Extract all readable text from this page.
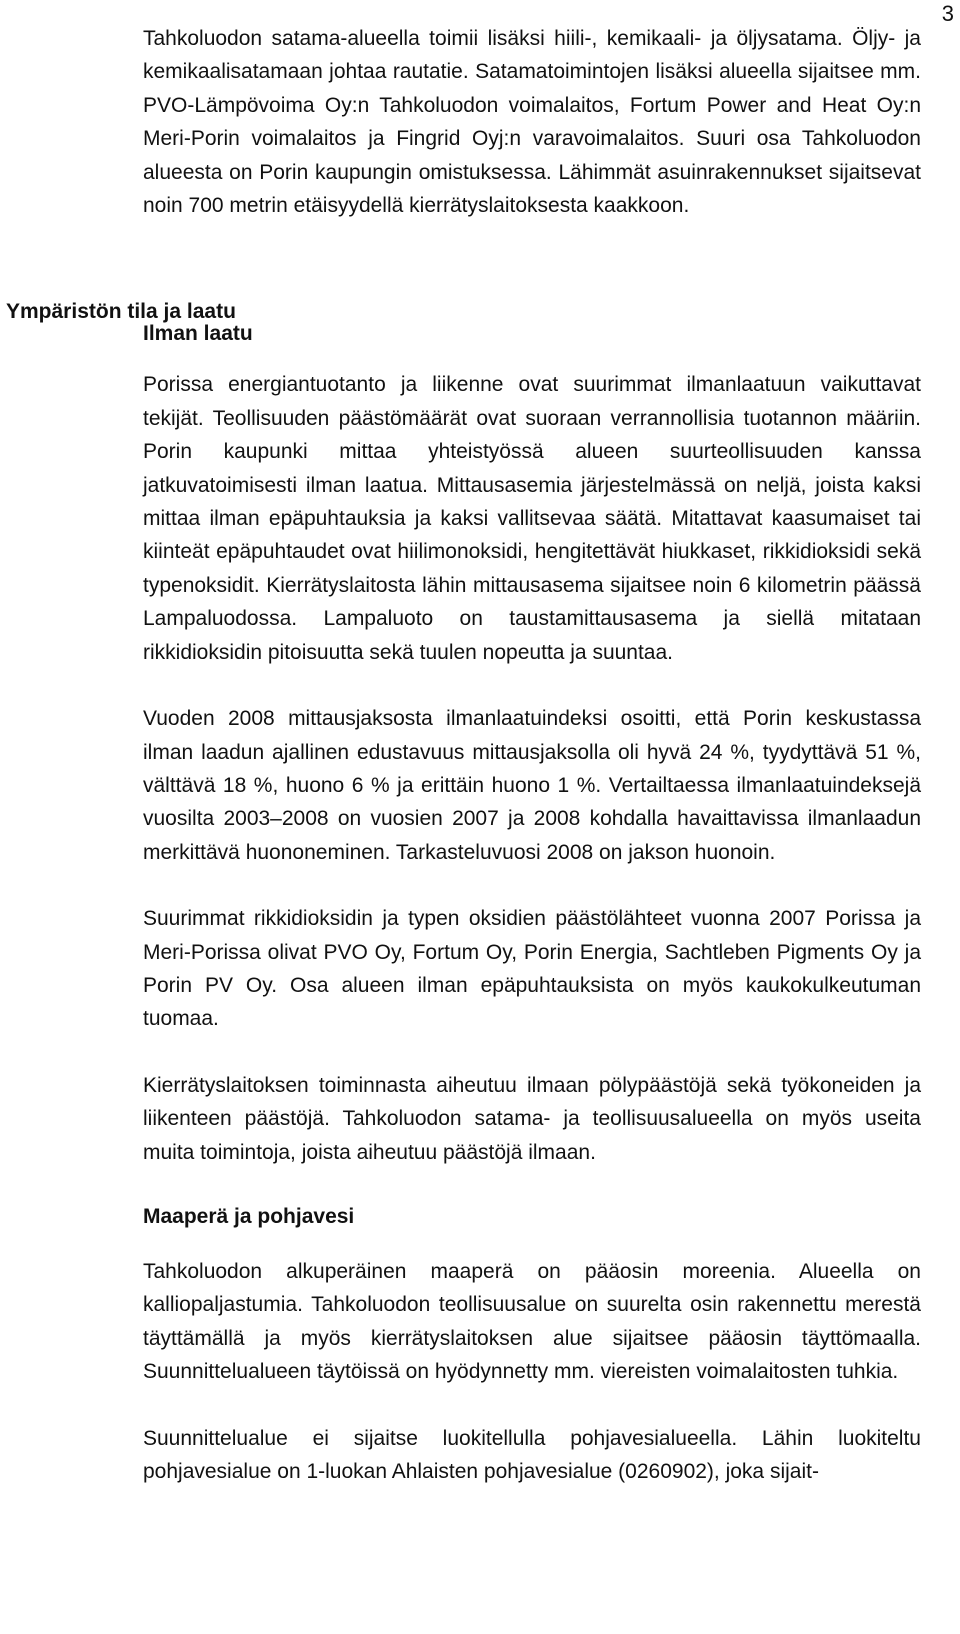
3
Ympäristön tila ja laatu

Tahkoluodon satama-alueella toimii lisäksi hiili-, kemikaali- ja öljysatama. Öljy- ja kemikaalisatamaan johtaa rautatie. Satamatoimintojen lisäksi alueella sijaitsee mm. PVO-Lämpövoima Oy:n Tahkoluodon voimalaitos, Fortum Power and Heat Oy:n Meri-Porin voimalaitos ja Fingrid Oyj:n varavoimalaitos. Suuri osa Tahkoluodon alueesta on Porin kaupungin omistuksessa. Lähimmät asuinrakennukset sijaitsevat noin 700 metrin etäisyydellä kierrätyslaitoksesta kaakkoon.

Ilman laatu

Porissa energiantuotanto ja liikenne ovat suurimmat ilmanlaatuun vaikuttavat tekijät. Teollisuuden päästömäärät ovat suoraan verrannollisia tuotannon määriin. Porin kaupunki mittaa yhteistyössä alueen suurteollisuuden kanssa jatkuvatoimisesti ilman laatua. Mittausasemia järjestelmässä on neljä, joista kaksi mittaa ilman epäpuhtauksia ja kaksi vallitsevaa säätä. Mitattavat kaasumaiset tai kiinteät epäpuhtaudet ovat hiilimonoksidi, hengitettävät hiukkaset, rikkidioksidi sekä typenoksidit. Kierrätyslaitosta lähin mittausasema sijaitsee noin 6 kilometrin päässä Lampaluodossa. Lampaluoto on taustamittausasema ja siellä mitataan rikkidioksidin pitoisuutta sekä tuulen nopeutta ja suuntaa.

Vuoden 2008 mittausjaksosta ilmanlaatuindeksi osoitti, että Porin keskustassa ilman laadun ajallinen edustavuus mittausjaksolla oli hyvä 24 %, tyydyttävä 51 %, välttävä 18 %, huono 6 % ja erittäin huono 1 %. Vertailtaessa ilmanlaatuindeksejä vuosilta 2003–2008 on vuosien 2007 ja 2008 kohdalla havaittavissa ilmanlaadun merkittävä huononeminen. Tarkasteluvuosi 2008 on jakson huonoin.

Suurimmat rikkidioksidin ja typen oksidien päästölähteet vuonna 2007 Porissa ja Meri-Porissa olivat PVO Oy, Fortum Oy, Porin Energia, Sachtleben Pigments Oy ja Porin PV Oy. Osa alueen ilman epäpuhtauksista on myös kaukokulkeutuman tuomaa.

Kierrätyslaitoksen toiminnasta aiheutuu ilmaan pölypäästöjä sekä työkoneiden ja liikenteen päästöjä. Tahkoluodon satama- ja teollisuusalueella on myös useita muita toimintoja, joista aiheutuu päästöjä ilmaan.

Maaperä ja pohjavesi

Tahkoluodon alkuperäinen maaperä on pääosin moreenia. Alueella on kalliopaljastumia. Tahkoluodon teollisuusalue on suurelta osin rakennettu merestä täyttämällä ja myös kierrätyslaitoksen alue sijaitsee pääosin täyttömaalla. Suunnittelualueen täytöissä on hyödynnetty mm. viereisten voimalaitosten tuhkia.

Suunnittelualue ei sijaitse luokitellulla pohjavesialueella. Lähin luokiteltu pohjavesialue on 1-luokan Ahlaisten pohjavesialue (0260902), joka sijait-
